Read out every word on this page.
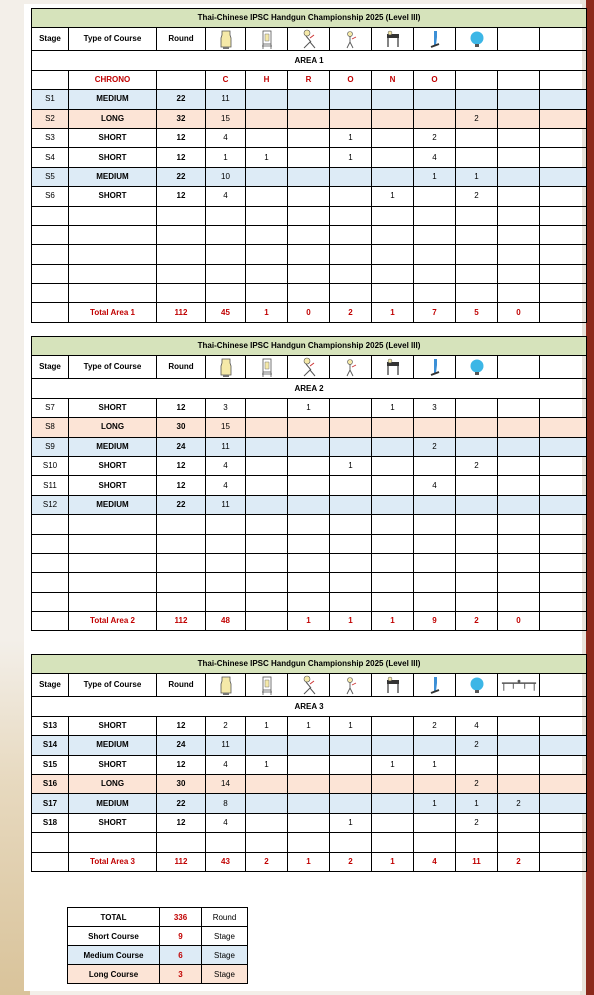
Thai-Chinese IPSC Handgun Championship 2025 (Level III)											
Stage	Type of Course	Round									
AREA 1											
	CHRONO		C	H	R	O	N	O			
S1	MEDIUM	22	11								
S2	LONG	32	15						2		
S3	SHORT	12	4			1		2			
S4	SHORT	12	1	1		1		4			
S5	MEDIUM	22	10					1	1		
S6	SHORT	12	4				1		2		

	Total Area 1	112	45	1	0	2	1	7	5	0	
Thai-Chinese IPSC Handgun Championship 2025 (Level III)											
Stage	Type of Course	Round									
AREA 2											
S7	SHORT	12	3		1		1	3			
S8	LONG	30	15								
S9	MEDIUM	24	11					2			
S10	SHORT	12	4			1			2		
S11	SHORT	12	4					4			
S12	MEDIUM	22	11								

	Total Area 2	112	48		1	1	1	9	2	0	
Thai-Chinese IPSC Handgun Championship 2025 (Level III)											
Stage	Type of Course	Round									
AREA 3											
S13	SHORT	12	2	1	1	1		2	4		
S14	MEDIUM	24	11						2		
S15	SHORT	12	4	1			1	1			
S16	LONG	30	14						2		
S17	MEDIUM	22	8					1	1	2	
S18	SHORT	12	4			1			2		

	Total Area 3	112	43	2	1	2	1	4	11	2	
TOTAL	336	Round
Short Course	9	Stage
Medium Course	6	Stage
Long Course	3	Stage
